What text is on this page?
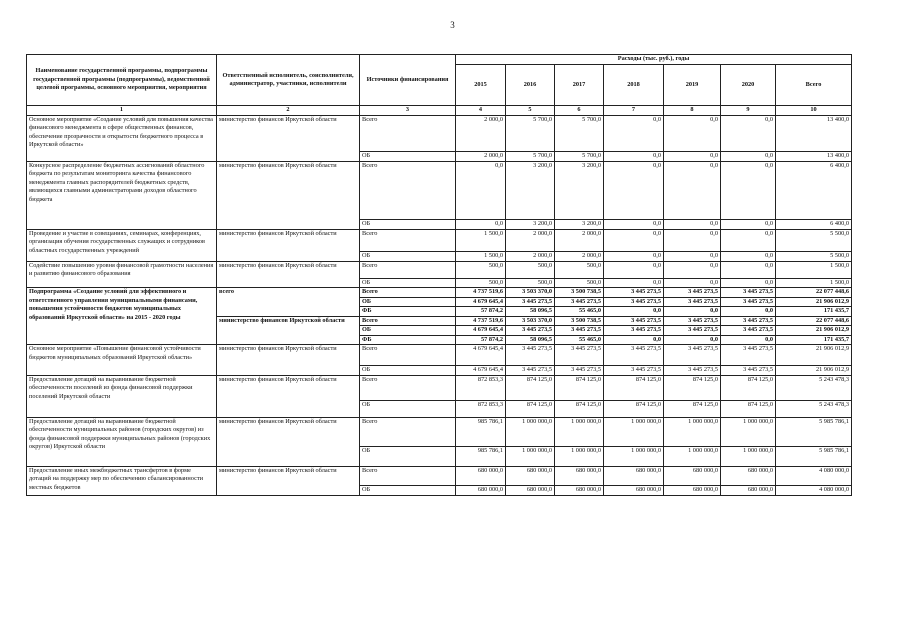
3
Наименование государственной программы, подпрограммы государственной программы (подпрограммы), ведомственной целевой программы, основного мероприятия, мероприятия	Ответственный исполнитель, соисполнители, администратор, участники, исполнители	Источники финансирования	Расходы (тыс. руб.), годы						
			2015	2016	2017	2018	2019	2020	Всего
1	2	3	4	5	6	7	8	9	10
Основное мероприятие «Создание условий для повышения качества финансового менеджмента в сфере общественных финансов, обеспечение прозрачности и открытости бюджетного процесса в Иркутской области»	министерство финансов Иркутской области	Всего	2 000,0	5 700,0	5 700,0	0,0	0,0	0,0	13 400,0
		ОБ	2 000,0	5 700,0	5 700,0	0,0	0,0	0,0	13 400,0
Конкурсное распределение бюджетных ассигнований областного бюджета по результатам мониторинга качества финансового менеджмента главных распорядителей бюджетных средств, являющихся главными администраторами доходов областного бюджета	министерство финансов Иркутской области	Всего	0,0	3 200,0	3 200,0	0,0	0,0	0,0	6 400,0
		ОБ	0,0	3 200,0	3 200,0	0,0	0,0	0,0	6 400,0
Проведение и участие в совещаниях, семинарах, конференциях, организация обучения государственных служащих и сотрудников областных государственных учреждений	министерство финансов Иркутской области	Всего	1 500,0	2 000,0	2 000,0	0,0	0,0	0,0	5 500,0
		ОБ	1 500,0	2 000,0	2 000,0	0,0	0,0	0,0	5 500,0
Содействие повышению уровня финансовой грамотности населения и развитию финансового образования	министерство финансов Иркутской области	Всего	500,0	500,0	500,0	0,0	0,0	0,0	1 500,0
		ОБ	500,0	500,0	500,0	0,0	0,0	0,0	1 500,0
Подпрограмма «Создание условий для эффективного и ответственного управления муниципальными финансами, повышения устойчивости бюджетов муниципальных образований Иркутской области» на 2015 - 2020 годы	всего	Всего	4 737 519,6	3 503 370,0	3 500 738,5	3 445 273,5	3 445 273,5	3 445 273,5	22 077 448,6
		ОБ	4 679 645,4	3 445 273,5	3 445 273,5	3 445 273,5	3 445 273,5	3 445 273,5	21 906 012,9
		ФБ	57 874,2	58 096,5	55 465,0	0,0	0,0	0,0	171 435,7
	министерство финансов Иркутской области	Всего	4 737 519,6	3 503 370,0	3 500 738,5	3 445 273,5	3 445 273,5	3 445 273,5	22 077 448,6
		ОБ	4 679 645,4	3 445 273,5	3 445 273,5	3 445 273,5	3 445 273,5	3 445 273,5	21 906 012,9
		ФБ	57 874,2	58 096,5	55 465,0	0,0	0,0	0,0	171 435,7
Основное мероприятие «Повышение финансовой устойчивости бюджетов муниципальных образований Иркутской области»	министерство финансов Иркутской области	Всего	4 679 645,4	3 445 273,5	3 445 273,5	3 445 273,5	3 445 273,5	3 445 273,5	21 906 012,9
		ОБ	4 679 645,4	3 445 273,5	3 445 273,5	3 445 273,5	3 445 273,5	3 445 273,5	21 906 012,9
Предоставление дотаций на выравнивание бюджетной обеспеченности поселений из фонда финансовой поддержки поселений Иркутской области	министерство финансов Иркутской области	Всего	872 853,3	874 125,0	874 125,0	874 125,0	874 125,0	874 125,0	5 243 478,3
		ОБ	872 853,3	874 125,0	874 125,0	874 125,0	874 125,0	874 125,0	5 243 478,3
Предоставление дотаций на выравнивание бюджетной обеспеченности муниципальных районов (городских округов) из фонда финансовой поддержки муниципальных районов (городских округов) Иркутской области	министерство финансов Иркутской области	Всего	985 786,1	1 000 000,0	1 000 000,0	1 000 000,0	1 000 000,0	1 000 000,0	5 985 786,1
		ОБ	985 786,1	1 000 000,0	1 000 000,0	1 000 000,0	1 000 000,0	1 000 000,0	5 985 786,1
Предоставление иных межбюджетных трансфертов в форме дотаций на поддержку мер по обеспечению сбалансированности местных бюджетов	министерство финансов Иркутской области	Всего	680 000,0	680 000,0	680 000,0	680 000,0	680 000,0	680 000,0	4 080 000,0
		ОБ	680 000,0	680 000,0	680 000,0	680 000,0	680 000,0	680 000,0	4 080 000,0
